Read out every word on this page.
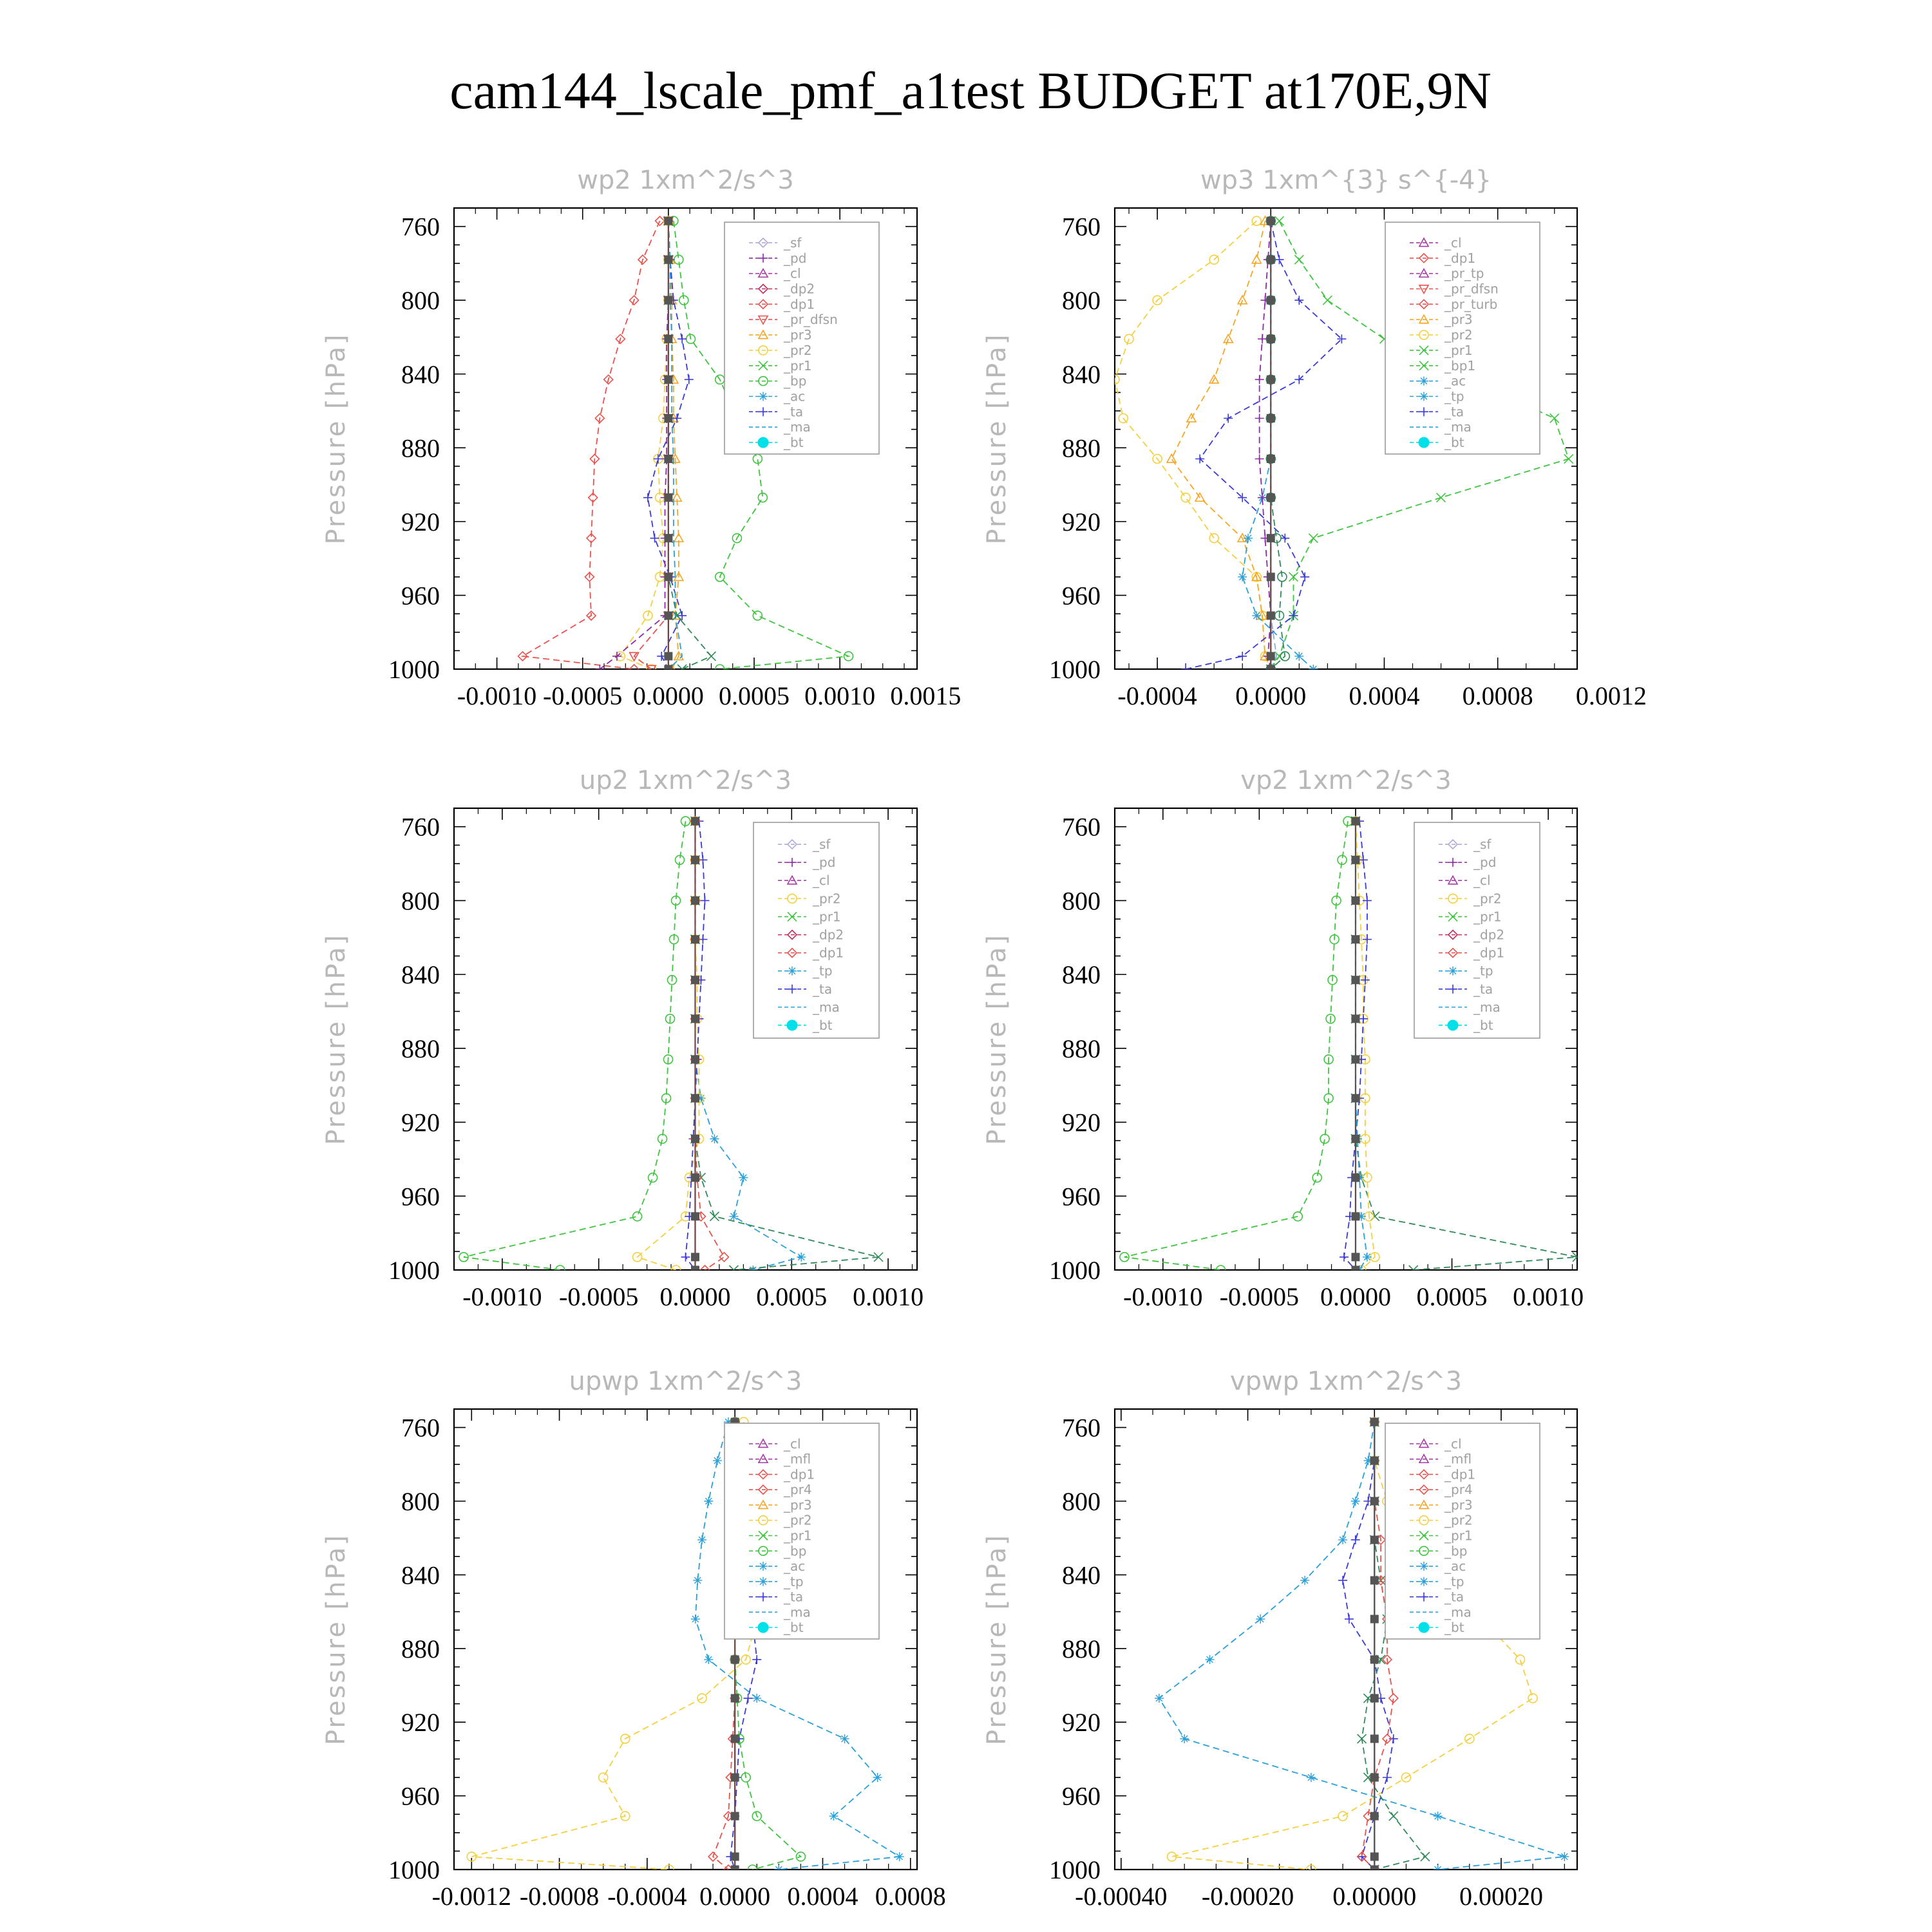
cam144_lscale_pmf_a1test BUDGET at170E,9N
wp2 1xm^2/s^3
Pressure [hPa]
760
800
840
880
920
960
1000
-0.0010 -0.0005 0.0000 0.0005 0.0010 0.0015
_sf
_pd
_cl
_dp2
_dp1
_pr_dfsn
_pr3
_pr2
_pr1
_bp
_ac
_ta
_ma
_bt
wp3 1xm^{3} s^{-4}
Pressure [hPa]
760
800
840
880
920
960
1000
-0.0004 0.0000 0.0004 0.0008 0.0012
_cl
_dp1
_pr_tp
_pr_dfsn
_pr_turb
_pr3
_pr2
_pr1
_bp1
_ac
_tp
_ta
_ma
_bt
up2 1xm^2/s^3
Pressure [hPa]
760
800
840
880
920
960
1000
-0.0010 -0.0005 0.0000 0.0005 0.0010
_sf
_pd
_cl
_pr2
_pr1
_dp2
_dp1
_tp
_ta
_ma
_bt
vp2 1xm^2/s^3
Pressure [hPa]
760
800
840
880
920
960
1000
-0.0010 -0.0005 0.0000 0.0005 0.0010
_sf
_pd
_cl
_pr2
_pr1
_dp2
_dp1
_tp
_ta
_ma
_bt
upwp 1xm^2/s^3
Pressure [hPa]
760
800
840
880
920
960
1000
-0.0012 -0.0008 -0.0004 0.0000 0.0004 0.0008
_cl
_mfl
_dp1
_pr4
_pr3
_pr2
_pr1
_bp
_ac
_tp
_ta
_ma
_bt
vpwp 1xm^2/s^3
Pressure [hPa]
760
800
840
880
920
960
1000
-0.00040 -0.00020 0.00000 0.00020
_cl
_mfl
_dp1
_pr4
_pr3
_pr2
_pr1
_bp
_ac
_tp
_ta
_ma
_bt
